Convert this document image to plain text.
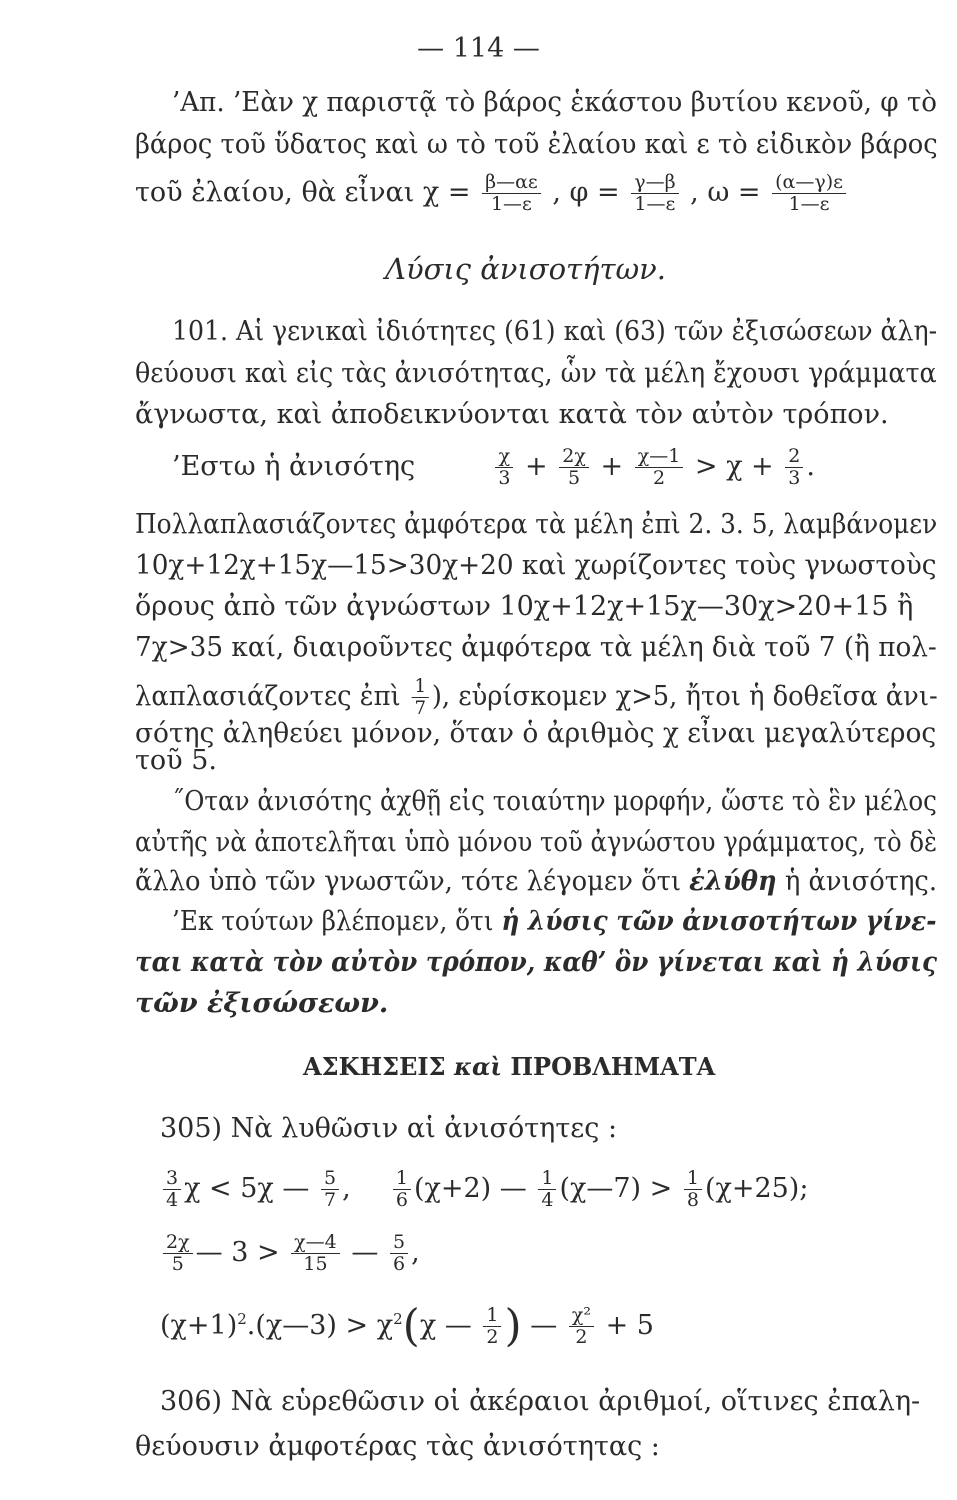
— 114 —
’Απ. ’Εὰν χ παριστᾷ τὸ βάρος ἑκάστου βυτίου κενοῦ, φ τὸ
βάρος τοῦ ὕδατος καὶ ω τὸ τοῦ ἐλαίου καὶ ε τὸ εἰδικὸν βάρος
τοῦ ἐλαίου, θὰ εἶναι $\chi = \frac{\beta—\alpha\varepsilon}{1—\varepsilon}$ , $\varphi = \frac{\gamma—\beta}{1—\varepsilon}$ , $\omega = \frac{(\alpha—\gamma)\varepsilon}{1—\varepsilon}$
Λύσις ἀνισοτήτων.
101. Αἱ γενικαὶ ἰδιότητες (61) καὶ (63) τῶν ἐξισώσεων ἀλη-
θεύουσι καὶ εἰς τὰς ἀνισότητας, ὧν τὰ μέλη ἔχουσι γράμματα
ἄγνωστα, καὶ ἀποδεικνύονται κατὰ τὸν αὐτὸν τρόπον.
’Εστω ἡ ἀνισότης	$\frac{\chi}{3} + \frac{2\chi}{5} + \frac{\chi—1}{2} > \chi + \frac{2}{3}$ .
Πολλαπλασιάζοντες ἀμφότερα τὰ μέλη ἐπὶ 2. 3. 5, λαμβάνομεν
10χ+12χ+15χ—15>30χ+20 καὶ χωρίζοντες τοὺς γνωστοὺς
ὅρους ἀπὸ τῶν ἀγνώστων 10χ+12χ+15χ—30χ>20+15 ἢ
7χ>35 καί, διαιροῦντες ἀμφότερα τὰ μέλη διὰ τοῦ 7 (ἢ πολ-
λαπλασιάζοντες ἐπὶ $\frac{1}{7}$ ), εὑρίσκομεν χ>5, ἤτοι ἡ δοθεῖσα ἀνι-
σότης ἀληθεύει μόνον, ὅταν ὁ ἀριθμὸς χ εἶναι μεγαλύτερος
τοῦ 5.
˝Οταν ἀνισότης ἀχθῇ εἰς τοιαύτην μορφήν, ὥστε τὸ ἓν μέλος
αὐτῆς νὰ ἀποτελῆται ὑπὸ μόνου τοῦ ἀγνώστου γράμματος, τὸ δὲ
ἄλλο ὑπὸ τῶν γνωστῶν, τότε λέγομεν ὅτι ἐλύθη ἡ ἀνισότης.
’Εκ τούτων βλέπομεν, ὅτι ἡ λύσις τῶν ἀνισοτήτων γίνε-
ται κατὰ τὸν αὐτὸν τρόπον, καθ’ ὃν γίνεται καὶ ἡ λύσις
τῶν ἐξισώσεων.
ΑΣΚΗΣΕΙΣ καὶ ΠΡΟΒΛΗΜΑΤΑ
305) Νὰ λυθῶσιν αἱ ἀνισότητες :
$\frac{3}{4}$ χ < 5χ — $\frac{5}{7}$ , $\frac{1}{6} (\chi+2)$ — $\frac{1}{4}$ (χ—7) > $\frac{1}{8} (\chi+25)$;
$\frac{2\chi}{5}$ — $3 > \frac{\chi—4}{15}$ — $\frac{5}{6}$ ,
$(\chi+1)^2.(\chi—3) > \chi^2(\chi$ — $\frac{1}{2}$ ) — $\frac{\text{χ²}}{2} + 5$
306) Νὰ εὑρεθῶσιν οἱ ἀκέραιοι ἀριθμοί, οἵτινες ἐπαλη-
θεύουσιν ἀμφοτέρας τὰς ἀνισότητας :
